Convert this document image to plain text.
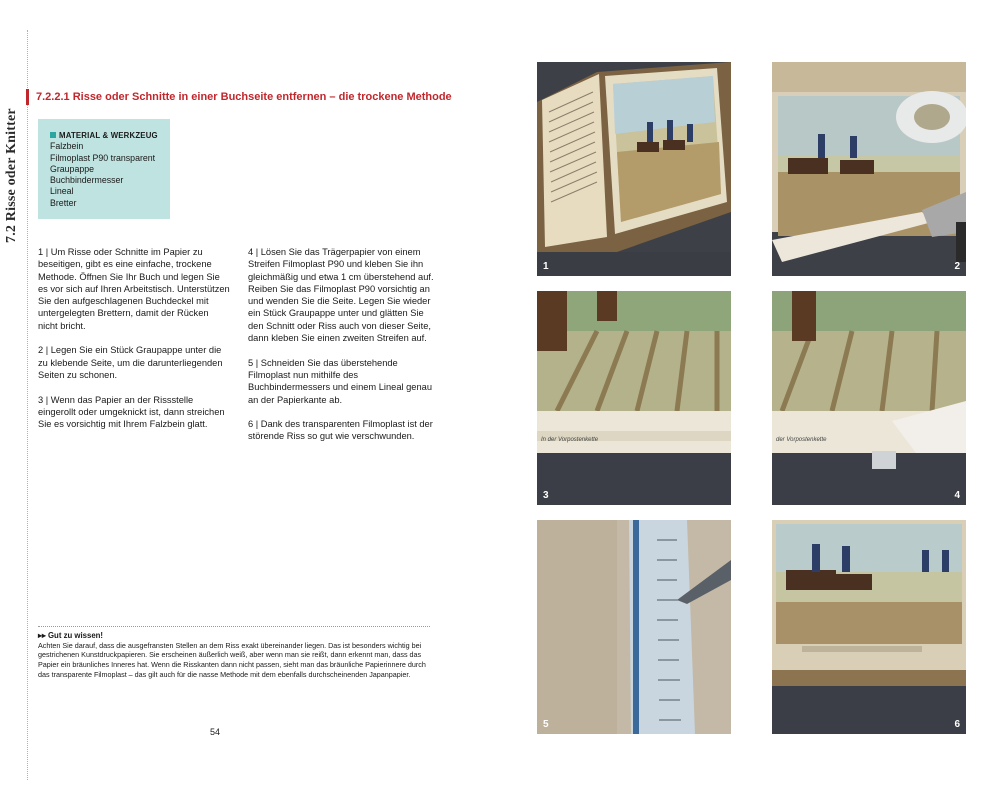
7.2 Risse oder Knitter
7.2.2.1 Risse oder Schnitte in einer Buchseite entfernen – die trockene Methode
MATERIAL & WERKZEUG
Falzbein
Filmoplast P90 transparent
Graupappe
Buchbindermesser
Lineal
Bretter

1 | Um Risse oder Schnitte im Papier zu beseitigen, gibt es eine einfache, trockene Methode. Öffnen Sie Ihr Buch und legen Sie es vor sich auf Ihren Arbeitstisch. Unterstützen Sie den aufgeschlagenen Buchdeckel mit untergelegten Brettern, damit der Rücken nicht bricht.

2 | Legen Sie ein Stück Graupappe unter die zu klebende Seite, um die darunterliegenden Seiten zu schonen.

3 | Wenn das Papier an der Rissstelle eingerollt oder umgeknickt ist, dann streichen Sie es vorsichtig mit Ihrem Falzbein glatt.

4 | Lösen Sie das Trägerpapier von einem Streifen Filmoplast P90 und kleben Sie ihn gleichmäßig und etwa 1 cm überstehend auf. Reiben Sie das Filmoplast P90 vorsichtig an und wenden Sie die Seite. Legen Sie wieder ein Stück Graupappe unter und glätten Sie den Schnitt oder Riss auch von dieser Seite, dann kleben Sie einen zweiten Streifen auf.

5 | Schneiden Sie das überstehende Filmoplast nun mithilfe des Buchbindermessers und einem Lineal genau an der Papierkante ab.

6 | Dank des transparenten Filmoplast ist der störende Riss so gut wie verschwunden.

▸▸ Gut zu wissen!
Achten Sie darauf, dass die ausgefransten Stellen an dem Riss exakt übereinander liegen. Das ist besonders wichtig bei gestrichenen Kunstdruckpapieren. Sie erscheinen äußerlich weiß, aber wenn man sie reißt, dann erkennt man, dass das Papier ein bräunliches Inneres hat. Wenn die Risskanten dann nicht passen, sieht man das bräunliche Papierinnere durch das transparente Filmoplast – das gilt auch für die nasse Methode mit dem ebenfalls durchscheinenden Japanpapier.
54
1	2
In der Vorpostenkette
3
der Vorpostenkette
4
5	6
